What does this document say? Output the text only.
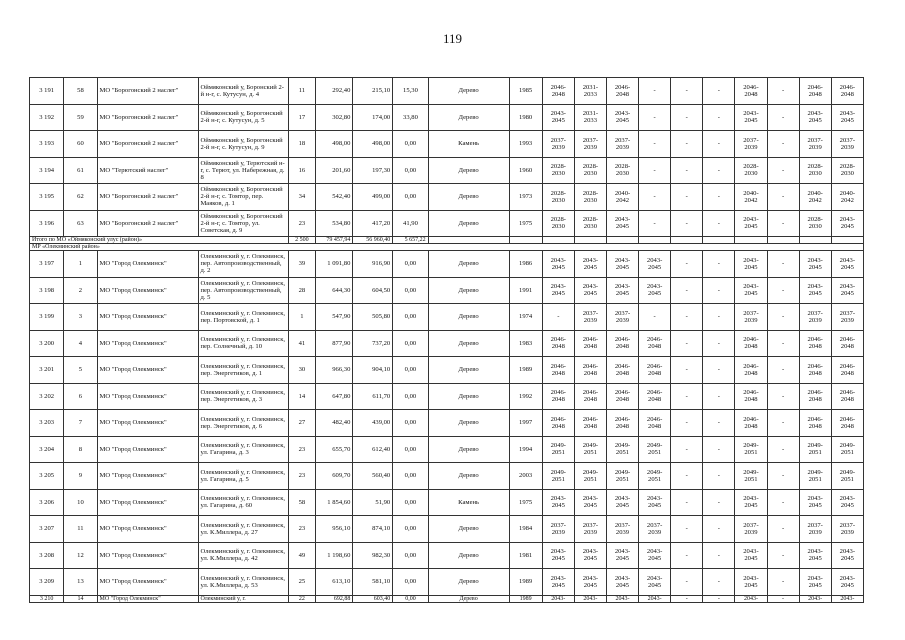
119
3 191	58	МО "Борогонский 2 наслег"	Оймяконский у, Боронский 2-й н-г, с. Кутусун, д. 4	11	292,40	215,10	15,30	Дерево	1985	2046-2048	2031-2033	2046-2048	-	-	-	2046-2048	-	2046-2048	2046-2048
3 192	59	МО "Борогонский 2 наслег"	Оймяконский у, Борогонский 2-й н-г, с. Кутусун, д. 5	17	302,80	174,00	33,80	Дерево	1980	2043-2045	2031-2033	2043-2045	-	-	-	2043-2045	-	2043-2045	2043-2045
3 193	60	МО "Борогонский 2 наслег"	Оймяконский у, Борогонский 2-й н-г, с. Кутусун, д. 9	18	498,00	498,00	0,00	Камень	1993	2037-2039	2037-2039	2037-2039	-	-	-	2037-2039	-	2037-2039	2037-2039
3 194	61	МО "Терютский наслег"	Оймяконский у, Терютский н-г, с. Терют, ул. Набережная, д. 8	16	201,60	197,30	0,00	Дерево	1960	2028-2030	2028-2030	2028-2030	-	-	-	2028-2030	-	2028-2030	2028-2030
3 195	62	МО "Борогонский 2 наслег"	Оймяконский у, Борогонский 2-й н-г, с. Томтор, пер. Маяков, д. 1	34	542,40	499,00	0,00	Дерево	1973	2028-2030	2028-2030	2040-2042	-	-	-	2040-2042	-	2040-2042	2040-2042
3 196	63	МО "Борогонский 2 наслег"	Оймяконский у, Борогонский 2-й н-г, с. Томтор, ул. Советская, д. 9	23	534,80	417,20	41,90	Дерево	1975	2028-2030	2028-2030	2043-2045	-	-	-	2043-2045	-	2028-2030	2043-2045
Итого по МО «Оймяконский улус (район)»				2 500	79 457,94	56 960,40	5 657,22												
МР «Олекминский район»																			
3 197	1	МО "Город Олекминск"	Олекминский у, г. Олекминск, пер. Автопроизводственный, д. 2	39	1 091,80	916,90	0,00	Дерево	1986	2043-2045	2043-2045	2043-2045	2043-2045	-	-	2043-2045	-	2043-2045	2043-2045
3 198	2	МО "Город Олекминск"	Олекминский у, г. Олекминск, пер. Автопроизводственный, д. 5	28	644,30	604,50	0,00	Дерево	1991	2043-2045	2043-2045	2043-2045	2043-2045	-	-	2043-2045	-	2043-2045	2043-2045
3 199	3	МО "Город Олекминск"	Олекминский у, г. Олекминск, пер. Портовской, д. 1	1	547,90	505,80	0,00	Дерево	1974	-	2037-2039	2037-2039	-	-	-	2037-2039	-	2037-2039	2037-2039
3 200	4	МО "Город Олекминск"	Олекминский у, г. Олекминск, пер. Солнечный, д. 10	41	877,90	737,20	0,00	Дерево	1983	2046-2048	2046-2048	2046-2048	2046-2048	-	-	2046-2048	-	2046-2048	2046-2048
3 201	5	МО "Город Олекминск"	Олекминский у, г. Олекминск, пер. Энергетиков, д. 1	30	966,30	904,10	0,00	Дерево	1989	2046-2048	2046-2048	2046-2048	2046-2048	-	-	2046-2048	-	2046-2048	2046-2048
3 202	6	МО "Город Олекминск"	Олекминский у, г. Олекминск, пер. Энергетиков, д. 3	14	647,80	611,70	0,00	Дерево	1992	2046-2048	2046-2048	2046-2048	2046-2048	-	-	2046-2048	-	2046-2048	2046-2048
3 203	7	МО "Город Олекминск"	Олекминский у, г. Олекминск, пер. Энергетиков, д. 6	27	482,40	439,00	0,00	Дерево	1997	2046-2048	2046-2048	2046-2048	2046-2048	-	-	2046-2048	-	2046-2048	2046-2048
3 204	8	МО "Город Олекминск"	Олекминский у, г. Олекминск, ул. Гагарина, д. 3	23	655,70	612,40	0,00	Дерево	1994	2049-2051	2049-2051	2049-2051	2049-2051	-	-	2049-2051	-	2049-2051	2049-2051
3 205	9	МО "Город Олекминск"	Олекминский у, г. Олекминск, ул. Гагарина, д. 5	23	609,70	560,40	0,00	Дерево	2003	2049-2051	2049-2051	2049-2051	2049-2051	-	-	2049-2051	-	2049-2051	2049-2051
3 206	10	МО "Город Олекминск"	Олекминский у, г. Олекминск, ул. Гагарина, д. 60	58	1 854,60	51,90	0,00	Камень	1975	2043-2045	2043-2045	2043-2045	2043-2045	-	-	2043-2045	-	2043-2045	2043-2045
3 207	11	МО "Город Олекминск"	Олекминский у, г. Олекминск, ул. К.Миллера, д. 27	23	956,10	874,10	0,00	Дерево	1984	2037-2039	2037-2039	2037-2039	2037-2039	-	-	2037-2039	-	2037-2039	2037-2039
3 208	12	МО "Город Олекминск"	Олекминский у, г. Олекминск, ул. К.Миллера, д. 42	49	1 198,60	982,30	0,00	Дерево	1981	2043-2045	2043-2045	2043-2045	2043-2045	-	-	2043-2045	-	2043-2045	2043-2045
3 209	13	МО "Город Олекминск"	Олекминский у, г. Олекминск, ул. К.Миллера, д. 53	25	613,10	581,10	0,00	Дерево	1989	2043-2045	2043-2045	2043-2045	2043-2045	-	-	2043-2045	-	2043-2045	2043-2045
3 210	14	МО "Город Олекминск"	Олекминский у, г.	22	692,88	603,40	0,00	Дерево	1989	2043-	2043-	2043-	2043-	-	-	2043-	-	2043-	2043-
